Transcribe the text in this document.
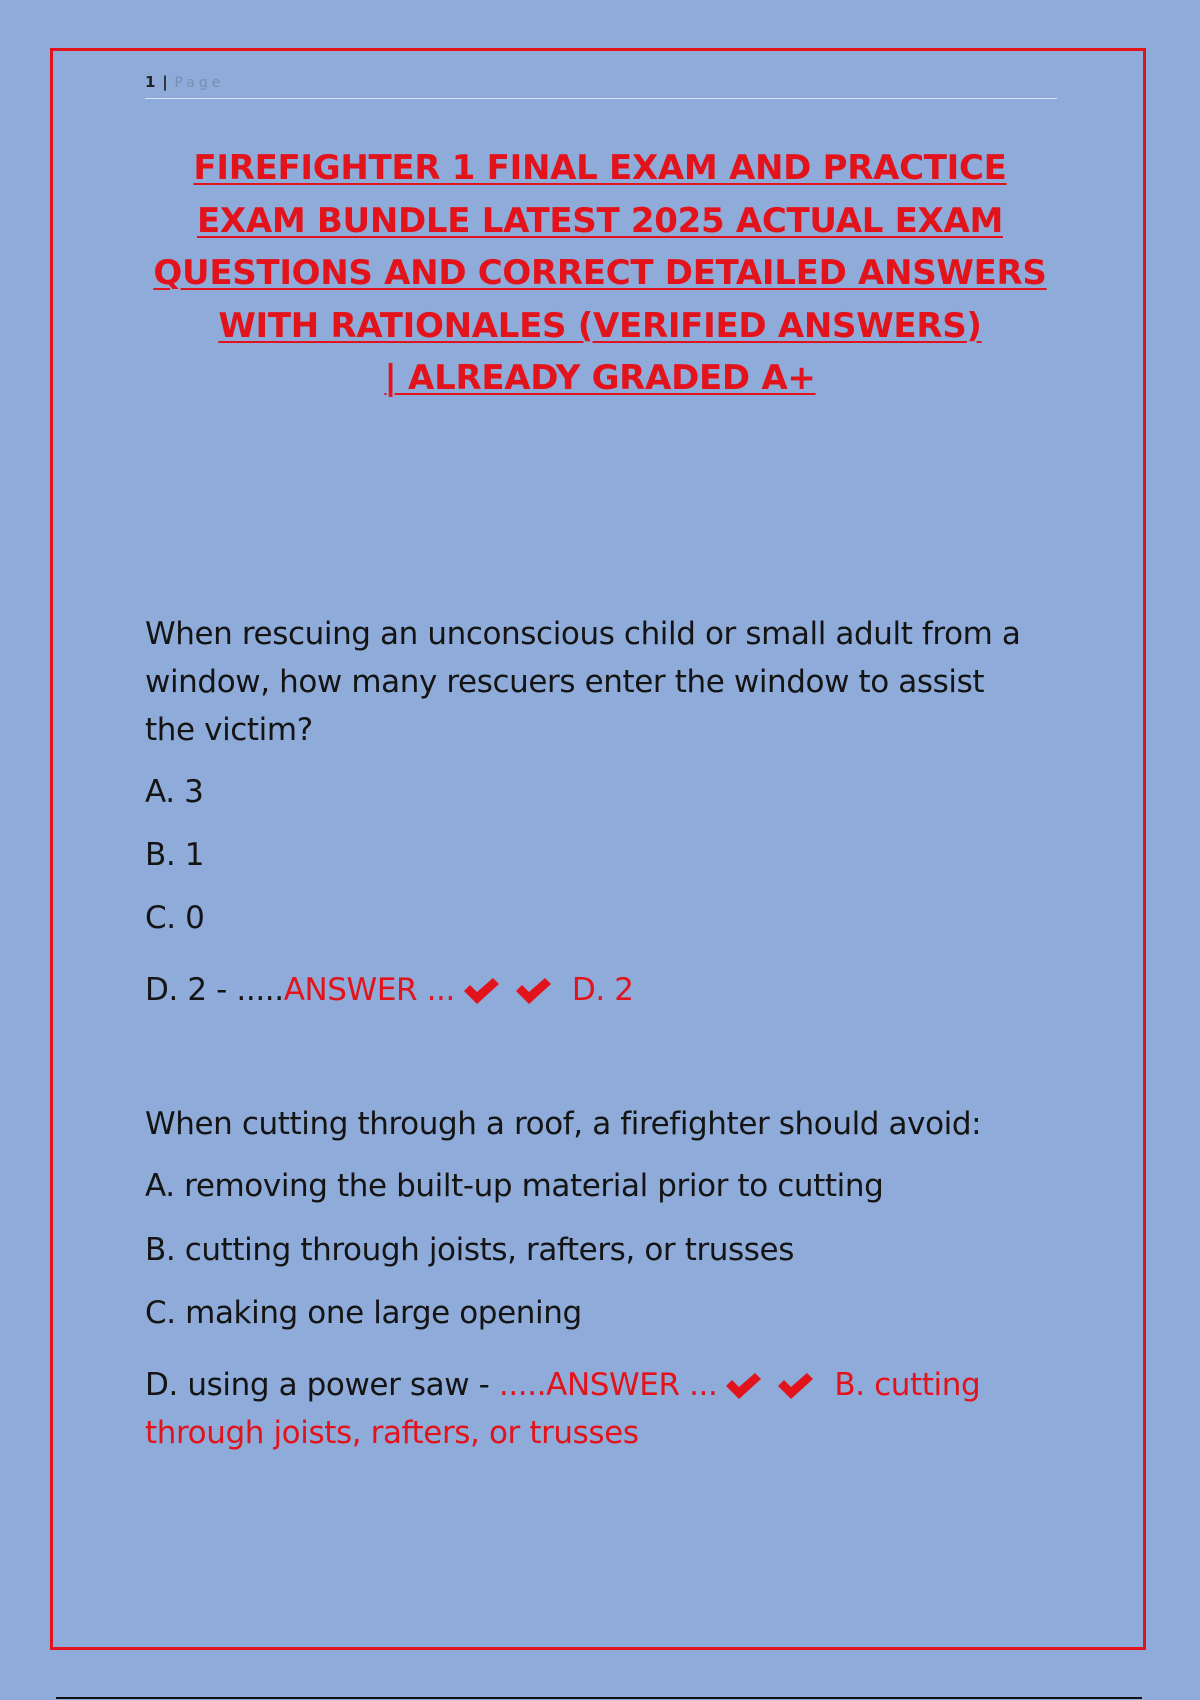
1 | Page
FIREFIGHTER 1 FINAL EXAM AND PRACTICE
EXAM BUNDLE LATEST 2025 ACTUAL EXAM
QUESTIONS AND CORRECT DETAILED ANSWERS
WITH RATIONALES (VERIFIED ANSWERS)
| ALREADY GRADED A+

When rescuing an unconscious child or small adult from a
window, how many rescuers enter the window to assist
the victim?

A. 3

B. 1

C. 0

D. 2 - .....ANSWER ...	D. 2

When cutting through a roof, a firefighter should avoid:

A. removing the built-up material prior to cutting

B. cutting through joists, rafters, or trusses

C. making one large opening

D. using a power saw - .....ANSWER ...	B. cutting

through joists, rafters, or trusses
